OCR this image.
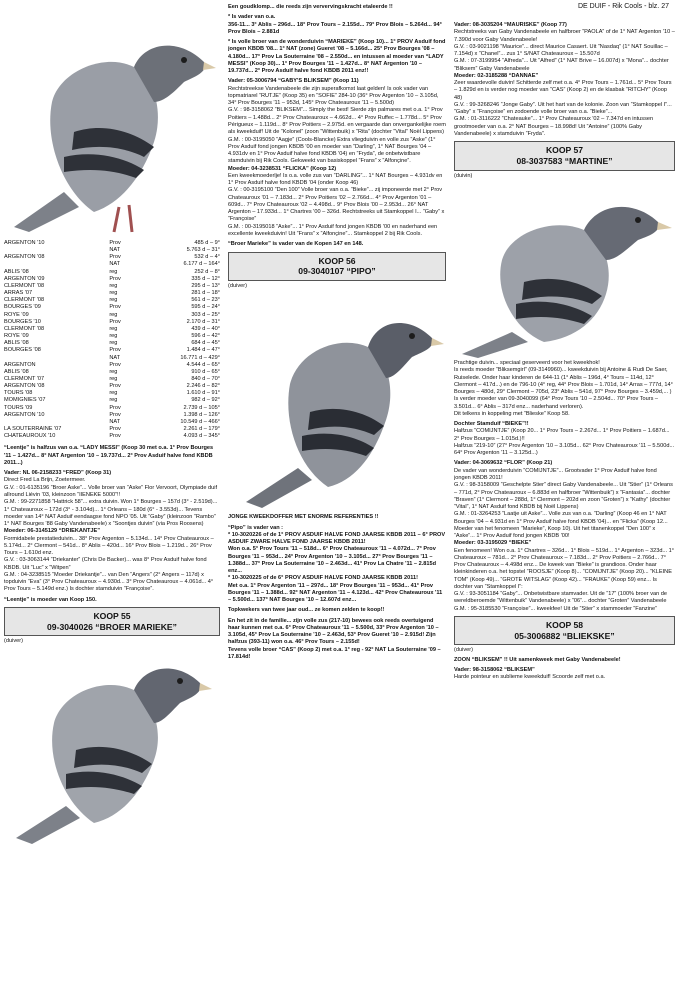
DE DUIF - Rik Cools - blz. 27
ARGENTON '10	Prov	485 d – 9°
	NAT	5.763 d – 31°
ARGENTON '08	Prov	532 d – 4°
	NAT	6.177 d – 164°
ABLIS '08	reg	252 d – 8°
ARGENTON '09	Prov	335 d – 12°
CLERMONT '08	reg	295 d – 13°
ARRAS '07	reg	281 d – 18°
CLERMONT '08	reg	561 d – 23°
BOURGES '09	Prov	595 d – 24°
ROYE '09	reg	303 d – 25°
BOURGES '10	Prov	2.170 d – 31°
CLERMONT '08	reg	439 d – 40°
ROYE '09	reg	596 d – 42°
ABLIS '08	reg	684 d – 45°
BOURGES '08	Prov	1.484 d – 47°
	NAT	16.771 d – 429°
ARGENTON	Prov	4.544 d – 65°
ABLIS '08	reg	910 d – 65°
CLERMONT '07	reg	840 d – 70°
ARGENTON '08	Prov	2.246 d – 82°
TOURS '08	reg	1.610 d – 91°
MOMIGNIES '07	reg	982 d – 92°
TOURS '09	Prov	2.739 d – 105°
ARGENTON '10	Prov	1.398 d – 126°
	NAT	10.549 d – 466°
LA SOUTERRAINE '07	Prov	2.261 d – 179°
CHATEAUROUX '10	Prov	4.093 d – 345°

“Leentje” is halfzus van o.a. “LADY MESSI” (Koop 30 met o.a. 1° Prov Bourges '11 – 1.427d... 8° NAT Argenton '10 – 19.737d... 2° Prov Asduif halve fond KBDB 2011...)

Vader: NL 06-2158233 “FRED” (Koop 31)

Direct Fred La Brijn, Zoetermeer.

G.V. : 01-6135196 “Broer Aske”... Volle broer van “Aske” Flor Vervoort, Olympiade duif allround Liévin '03, kleinzoon “IIENEKE 5000”!!

G.M. : 99-2271858 “Hattrick 58”... extra duivin. Won 1° Bourges – 157d (3° - 2.519d)... 1° Chateauroux – 172d (3° - 3.104d)... 1° Orleans – 180d (6° - 3.553d)... Tevens moeder van 14° NAT Asduif eendaagse fond NPO '05. Uit “Gaby” (kleinzoon “Rambo” 1° NAT Bourges '88 Gaby Vandenabeele) x “Soontjes duivin” (via Pros Roosens)

Moeder: 06-3145129 “DRIEKANTJE”

Formidabele prestatieduivin... 38° Prov Argenton – 5.134d... 14° Prov Chateauroux – 5.174d... 2° Clermont – 541d... 8° Ablis – 420d... 16° Prov Blois – 1.219d... 26° Prov Tours – 1.610d enz.

G.V. : 03-3063144 “Driekanter” (Chris De Backer)... was 8° Prov Asduif halve fond KBDB. Uit “Luc” x “Witpen”

G.M. : 04-3238515 “Moeder Driekantje”... van Den “Angers” (2° Angers – 117d) x topduivin “Eva” (3° Prov Chateauroux – 4.930d... 3° Prov Chateauroux – 4.061d... 4° Prov Tours – 5.149d enz.) Is dochter stamduivin “Françoise”.

“Leentje” is moeder van Koop 150.

KOOP 55
09-3040026 “BROER MARIEKE”
(duiver)

Een goudklomp... die reeds zijn ververvingskracht etaleerde !!

* Is vader van o.a.

356-11... 3° Ablis – 296d... 18° Prov Tours – 2.155d... 79° Prov Blois – 5.264d... 94° Prov Blois – 2.881d

* Is volle broer van de wonderduivin “MARIEKE” (Koop 10)... 1° PROV Asduif fond jongen KBDB '08... 1° NAT (zone) Gueret '08 – 5.166d... 25° Prov Bourges '08 – 4.180d... 17° Prov La Souterraine '08 – 2.550d... en intussen al moeder van “LADY MESSI” (Koop 30)... 1° Prov Bourges '11 – 1.427d... 8° NAT Argenton '10 – 19.737d... 2° Prov Asduif halve fond KBDB 2011 enz!!

Vader: 05-3006794 “GABY'S BLIKSEM” (Koop 11)

Rechtstreekse Vandenabeele die zijn superafkomst laat gelden! Is ook vader van topmatriarel “RUTJE” (Koop 35) en “SOFIE” 284-10 (36° Prov Argenton '10 – 3.105d, 34° Prov Bourges '11 – 953d, 145° Prov Chateauroux '11 – 5.500d)

G.V. : 98-3158062 “BLIKSEM”... Simply the best! Sierde zijn palmares met o.a. 1° Prov Poitiers – 1.488d... 2° Prov Chateauroux – 4.662d... 4° Prov Ruffec – 1.778d... 5° Prov Périgueux – 1.119d... 8° Prov Poitiers – 2.975d. en vergaarde dan onvergankelijke roem als kweekduif! Uit de “Kolonel” (zoon “Wittenbuik) x “Rita” (dochter “Vital” Noël Lippens)

G.M. : 00-3195050 “Aagje” (Cools-Blancke) Extra vliegduivin en volle zus “Aske” (1° Prov Asduif fond jongen KBDB '00 en moeder van “Darling”, 1° NAT Bourges '04 – 4.931dv en 1° Prov Asduif halve fond KBDB '04) en “Fryda”, de onbetwistbare stamduivin bij Rik Cools. Gekweekt van basiskoppel “Frans” x “Alfonçine”.

Moeder: 04-3238531 “FLICKA” (Koop 12)

Een kweekmoederlje! Is o.a. volle zus van “DARLING”... 1° NAT Bourges – 4.931dv en 1° Prov Asduif halve fond KBDB '04 (onder Koop 46)

G.V. : 00-3195100 “Den 100” Volle broer van o.a. “Bieke”... zij imponeerde met 2° Prov Chateauroux '01 – 7.183d... 2° Prov Poitiers '02 – 2.766d... 4° Prov Argenton '01 – 609d... 7° Prov Chateauroux '02 – 4.498d... 9° Prov Blois '00 – 2.953d... 26° NAT Argenton – 17.933d... 1° Chartres '00 – 326d. Rechtstreeks uit Stamkoppel I... “Gaby” x “Françoise”

G.M. : 00-3195018 “Aske”... 1° Prov Asduif fond jongen KBDB '00 en naderhand een excellente kweekduivin! Uit “Frans” x “Alfonçine”... Stamkoppel 2 bij Rik Cools.

“Broer Marieke” is vader van de Kopen 147 en 148.

KOOP 56
09-3040107 “PIPO”
(duiver)

JONGE KWEEKDOFFER MET ENORME REFERENTIES !!

“Pipo” is vader van :

* 10-3020226 of de 1° PROV ASDUIF HALVE FOND JAARSE KBDB 2011 – 6° PROV ASDUIF ZWARE HALVE FOND JAARSE KBDB 2011!

Won o.a. 5° Prov Tours '11 – 518d... 6° Prov Chateauroux '11 – 4.072d... 7° Prov Bourges '11 – 953d... 24° Prov Argenton '10 – 3.105d... 27° Prov Bourges '11 – 1.388d... 37° Prov La Souterraine '10 – 2.463d... 41° Prov La Chatre '11 – 2.815d enz...

* 10-3020225 of de 6° PROV ASDUIF HALVE FOND JAARSE KBDB 2011!

Met o.a. 1° Prov Argenton '11 – 297d... 18° Prov Bourges '11 – 953d... 41° Prov Bourges '11 – 1.388d... 92° NAT Argenton '11 – 4.123d... 42° Prov Chateauroux '11 – 5.500d... 137° NAT Bourges '10 – 12.607d enz...

Topkwekers van twee jaar oud... ze komen zelden te koop!!

En het zit in de familie... zijn volle zus (217-10) bewees ook reeds overtuigend haar kunnen met o.a. 6° Prov Chateauroux '11 – 5.500d, 33° Prov Argenton '10 – 3.105d, 45° Prov La Souterraine '10 – 2.463d, 53° Prov Gueret '10 – 2.915d! Zijn halfzus (393-11) won o.a. 46° Prov Tours – 2.155d!

Tevens volle broer “CAS” (Koop 2) met o.a. 1° reg - 92° NAT La Souterraine '09 – 17.814d!

Vader: 08-3035204 “MAURISKE” (Koop 77)

Rechtstreeks van Gaby Vandenabeele en halfbroer “PAOLA” of de 1° NAT Argenton '10 – 7.390d voor Gaby Vandenabeele!

G.V. : 03-9021198 “Maurice”... direct Maurice Casaert. Uit “Nasdaq” (1° NAT Souillac – 7.154d) x “Chanel”... zus 1° S/NAT Chateauroux – 15.507d

G.M. : 07-3199954 “Alfreda”... Uit “Alfred” (1° NAT Brive – 16.007d) x “Mona”... dochter “Bliksem” Gaby Vandenabeele

Moeder: 02-3185288 “DANNAE”

Zeer waardevolle duivin! Schitterde zelf met o.a. 4° Prov Tours – 1.761d... 5° Prov Tours – 1.829d en is verder nog moeder van “CAS” (Koop 2) en de klasbak “RITCHY” (Koop 48)

G.V. : 99-3268246 “Jonge Gaby”. Uit het hart van de kolonie. Zoon van “Stamkoppel I”... “Gaby” x “Françoise” en zodoende volle broer van o.a. “Bieke”...

G.M. : 01-3116222 “Chateauke”... 1° Prov Chateauroux '02 – 7.347d en intussen grootmoeder van o.a. 2° NAT Bourges – 18.998d! Uit “Antoine” (100% Gaby Vandenabeele) x stamduivin “Fryda”.

KOOP 57
08-3037583 “MARTINE”
(duivin)

Prachtige duivin... speciaal geserveerd voor het kweekhok!

Is reeds moeder “Bliksemgirl” (09-3149960)... kweekduivin bij Antoine & Rudi De Saer, Ruiselede. Onder haar kinderen de 644-11 (1° Ablis – 196d, 4° Tours – 114d, 12° Clermont – 417d...) en de 796-10 (4° reg, 44° Prov Blois – 1.701d, 14° Arras – 777d, 14° Bourges – 480d, 29° Clermont – 705d, 23° Ablis – 541d, 97° Prov Bourges – 3.459d,... )

Is verder moeder van 09-3040099 (64° Prov Tours '10 – 2.504d... 70° Prov Tours – 3.501d... 6° Ablis – 317d enz... naderhand verloren).

Dit telkens in koppeling met “Blieske” Koop 58.

Dochter Stamduif “BIEKE”!!

Halfzus “COMIJNTJE” (Koop 20... 1° Prov Tours – 2.267d... 1° Prov Poitiers – 1.687d... 2° Prov Bourges – 1.015d.)!!

Halfzus “219-10” (27° Prov Argenton '10 – 3.105d... 62° Prov Chateauroux '11 – 5.500d... 64° Prov Argenton '11 – 3.125d...)

Vader: 04-3069632 “FLOR” (Koop 21)

De vader van wonderduivin “COMIJNTJE”... Grootvader 1° Prov Asduif halve fond jongen KBDB 2011!

G.V. : 98-3158009 “Geschelpte Stier” direct Gaby Vandenabeele... Uit “Stier” (1° Orleans – 771d, 2° Prov Chateauroux – 6.883d en halfbroer “Wittenbuik”) x “Fantasia”... dochter “Braven” (1° Clermont – 288d, 1° Clermont – 202d en zoon “Groten”) x “Kathy” (dochter “Vital”, 1° NAT Asduif fond KBDB bij Noël Lippens)

G.M. : 01-3264253 “Laatje uit Aske”... Volle zus van o.a. “Darling” (Koop 46 en 1° NAT Bourges '04 – 4.931d en 1° Prov Asduif halve fond KBDB '04)... en “Flicka” (Koop 12... Moeder van het fenomeen “Marieke”, Koop 10). Uit het titanenkoppel “Den 100” x “Aske”... 1° Prov Asduif fond jongen KBDB '00!

Moeder: 03-3195029 “BIEKE”

Een fenomeen! Won o.a. 1° Chartres – 326d... 1° Blois – 519d... 1° Argenton – 323d... 1° Chateauroux – 781d... 2° Prov Chateauroux – 7.183d... 2° Prov Poitiers – 2.766d... 7° Prov Chateauroux – 4.498d enz... De kweek van “Bieke” is grandioos. Onder haar kleinkinderen o.a. het topstel “ROOSJE” (Koop 8)... “COMIJNTJE” (Koop 20)... “KLEINE TOM” (Koop 49)... “GROTE WITSLAG” (Koop 42)... “FRAUKE” (Koop 59) enz... Is dochter van “Stamkoppel I”:

G.V. : 93-3051184 “Gaby”... Onbetwistbare stamvader. Uit de “17” (100% broer van de wereldberoemde “Wittenbuik” Vandenabeele) x “06”... dochter “Groten” Vandenabeele

G.M. : 95-3185530 “Françoise”... kweekfee! Uit de “Stier” x stammoeder “Fanzine”

KOOP 58
05-3006882 “BLIEKSKE”
(duiver)

ZOON “BLIKSEM” !! Uit samenkweek met Gaby Vandenabeele!

Vader: 98-3158062 “BLIKSEM”

Harde pointeur en sublieme kweekduif! Scoorde zelf met o.a.
